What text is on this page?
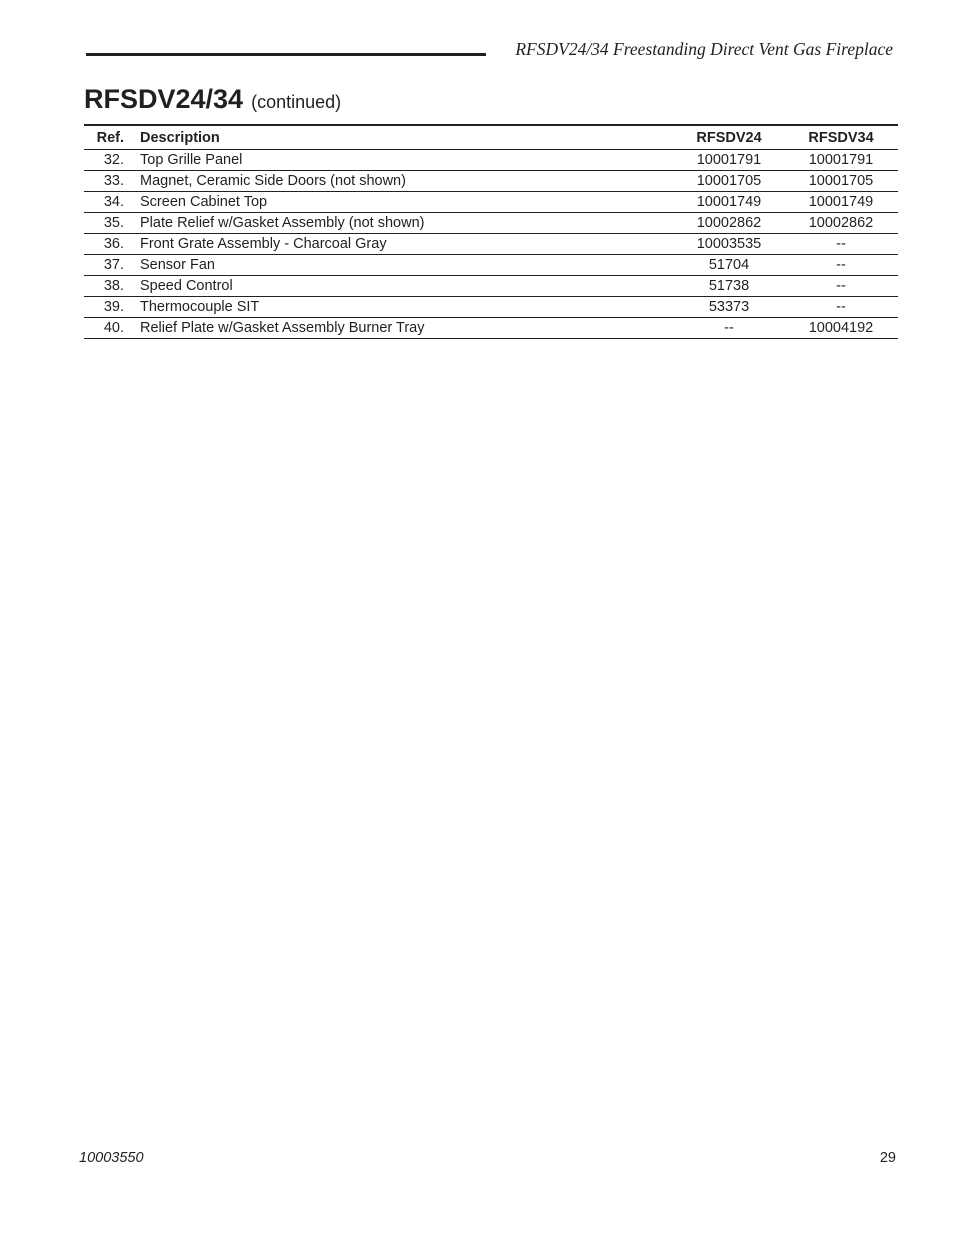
RFSDV24/34 Freestanding Direct Vent Gas Fireplace
RFSDV24/34 (continued)
Ref.	Description	RFSDV24	RFSDV34
32.	Top Grille Panel	10001791	10001791
33.	Magnet, Ceramic Side Doors (not shown)	10001705	10001705
34.	Screen Cabinet Top	10001749	10001749
35.	Plate Relief w/Gasket Assembly (not shown)	10002862	10002862
36.	Front Grate Assembly - Charcoal Gray	10003535	--
37.	Sensor Fan	51704	--
38.	Speed Control	51738	--
39.	Thermocouple SIT	53373	--
40.	Relief Plate w/Gasket Assembly Burner Tray	--	10004192
10003550	29
